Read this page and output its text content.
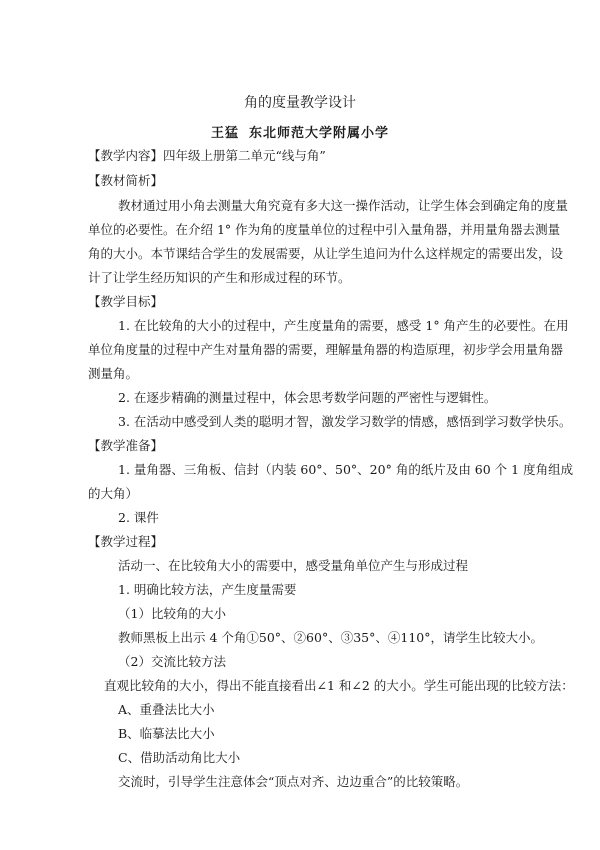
角的度量教学设计
王猛 东北师范大学附属小学
【教学内容】四年级上册第二单元“线与角”
【教材简析】
教材通过用小角去测量大角究竟有多大这一操作活动，让学生体会到确定角的度量
单位的必要性。在介绍 1° 作为角的度量单位的过程中引入量角器，并用量角器去测量
角的大小。本节课结合学生的发展需要，从让学生追问为什么这样规定的需要出发，设
计了让学生经历知识的产生和形成过程的环节。
【教学目标】
1. 在比较角的大小的过程中，产生度量角的需要，感受 1° 角产生的必要性。在用
单位角度量的过程中产生对量角器的需要，理解量角器的构造原理，初步学会用量角器
测量角。
2. 在逐步精确的测量过程中，体会思考数学问题的严密性与逻辑性。
3. 在活动中感受到人类的聪明才智，激发学习数学的情感，感悟到学习数学快乐。
【教学准备】
1. 量角器、三角板、信封（内装 60°、50°、20° 角的纸片及由 60 个 1 度角组成
的大角）
2. 课件
【教学过程】
活动一、在比较角大小的需要中，感受量角单位产生与形成过程
1. 明确比较方法，产生度量需要
（1）比较角的大小
教师黑板上出示 4 个角①50°、②60°、③35°、④110°，请学生比较大小。
（2）交流比较方法
直观比较角的大小，得出不能直接看出∠1 和∠2 的大小。学生可能出现的比较方法：
A、重叠法比大小
B、临摹法比大小
C、借助活动角比大小
交流时，引导学生注意体会“顶点对齐、边边重合”的比较策略。
